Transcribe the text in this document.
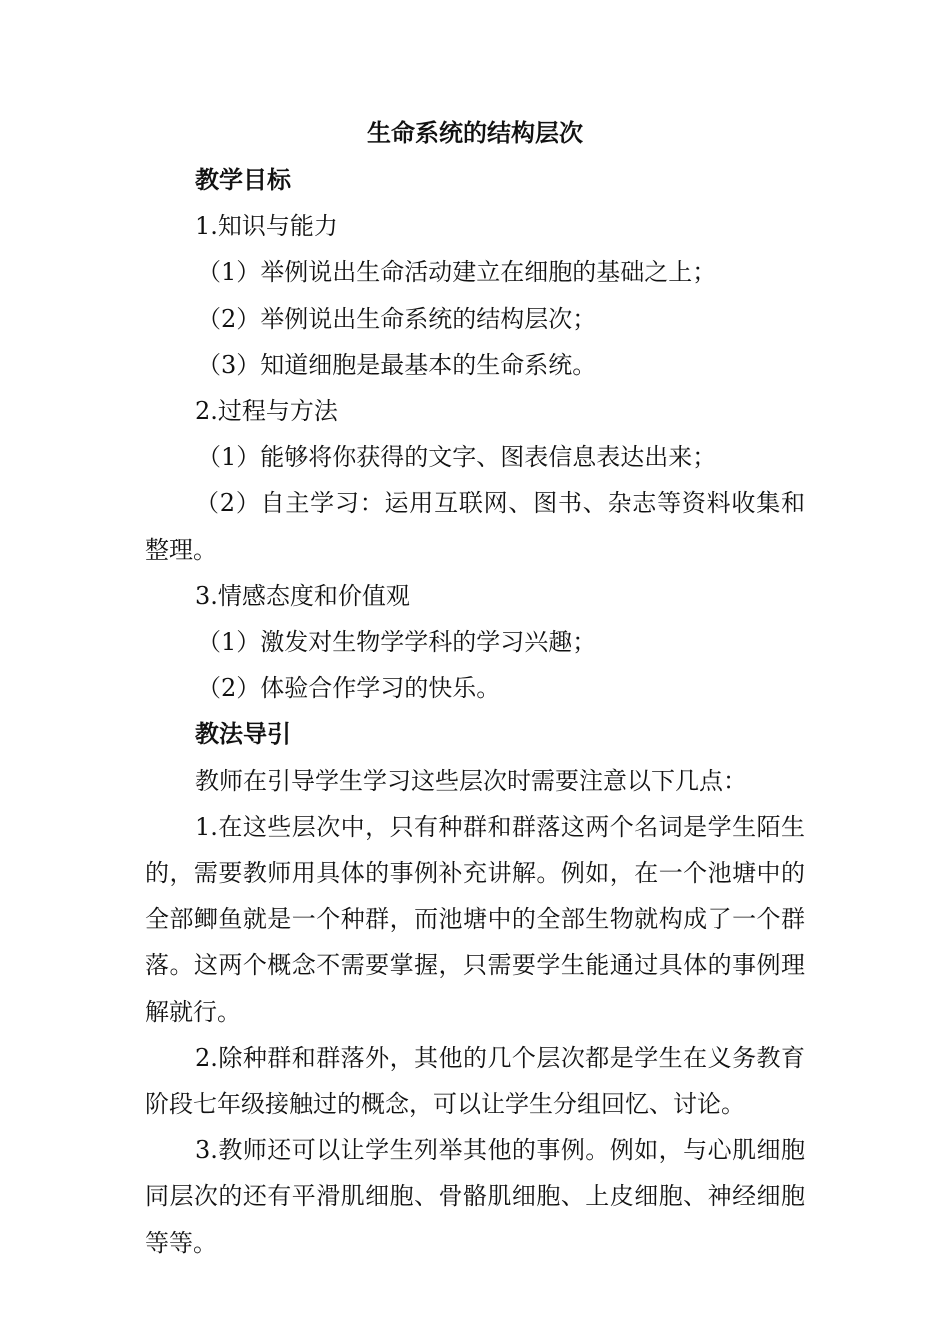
生命系统的结构层次

教学目标

1.知识与能力

（1）举例说出生命活动建立在细胞的基础之上；

（2）举例说出生命系统的结构层次；

（3）知道细胞是最基本的生命系统。

2.过程与方法

（1）能够将你获得的文字、图表信息表达出来；

（2）自主学习：运用互联网、图书、杂志等资料收集和整理。

3.情感态度和价值观

（1）激发对生物学学科的学习兴趣；

（2）体验合作学习的快乐。

教法导引

教师在引导学生学习这些层次时需要注意以下几点：

1.在这些层次中，只有种群和群落这两个名词是学生陌生的，需要教师用具体的事例补充讲解。例如，在一个池塘中的全部鲫鱼就是一个种群，而池塘中的全部生物就构成了一个群落。这两个概念不需要掌握，只需要学生能通过具体的事例理解就行。

2.除种群和群落外，其他的几个层次都是学生在义务教育阶段七年级接触过的概念，可以让学生分组回忆、讨论。

3.教师还可以让学生列举其他的事例。例如，与心肌细胞同层次的还有平滑肌细胞、骨骼肌细胞、上皮细胞、神经细胞等等。
